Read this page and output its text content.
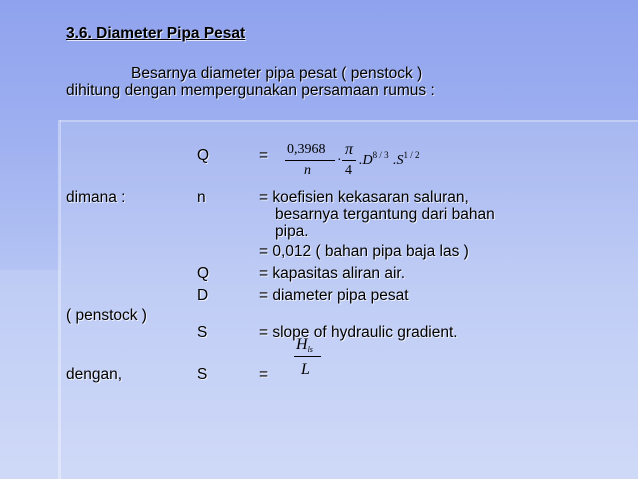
3.6. Diameter Pipa Pesat
Besarnya diameter pipa pesat ( penstock )
dihitung dengan mempergunakan persamaan rumus :
Q	= 0,3968
n
·
π
4
$.D^{8 / 3}$ $.S^{1 / 2}$
dimana :	n	= koefisien kekasaran saluran,
besarnya tergantung dari bahan
pipa.
= 0,012 ( bahan pipa baja las )
Q	= kapasitas aliran air.
D	= diameter pipa pesat
( penstock )
S	= slope of hydraulic gradient.
dengan,	S	=
Hls
L
